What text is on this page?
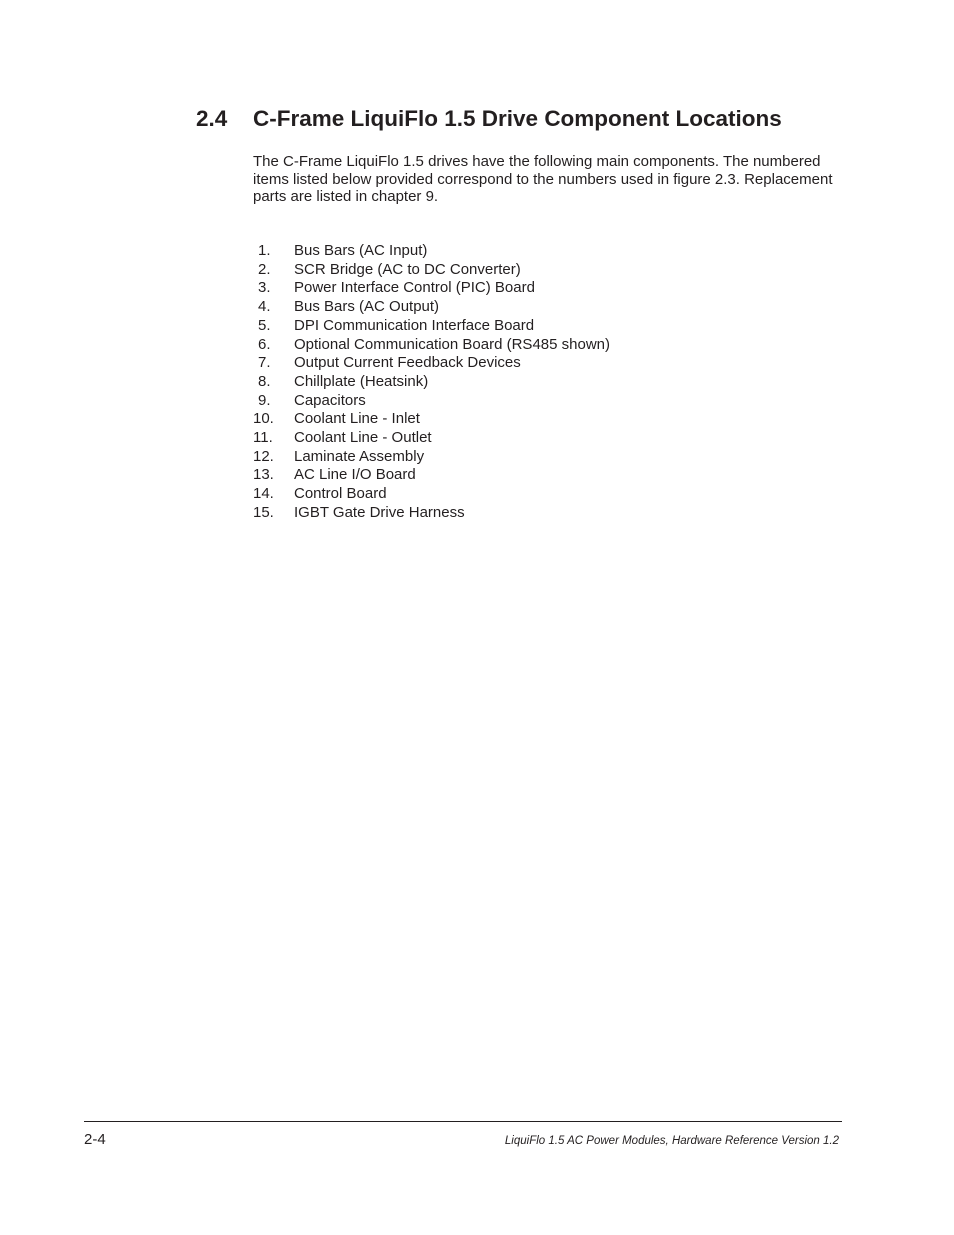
2.4 C-Frame LiquiFlo 1.5 Drive Component Locations

The C-Frame LiquiFlo 1.5 drives have the following main components. The numbered items listed below provided correspond to the numbers used in figure 2.3. Replacement parts are listed in chapter 9.

1.	Bus Bars (AC Input)
2.	SCR Bridge (AC to DC Converter)
3.	Power Interface Control (PIC) Board
4.	Bus Bars (AC Output)
5.	DPI Communication Interface Board
6.	Optional Communication Board (RS485 shown)
7.	Output Current Feedback Devices
8.	Chillplate (Heatsink)
9.	Capacitors
10.	Coolant Line - Inlet
11.	Coolant Line - Outlet
12.	Laminate Assembly
13.	AC Line I/O Board
14.	Control Board
15.	IGBT Gate Drive Harness
2-4	LiquiFlo 1.5 AC Power Modules, Hardware Reference Version 1.2
